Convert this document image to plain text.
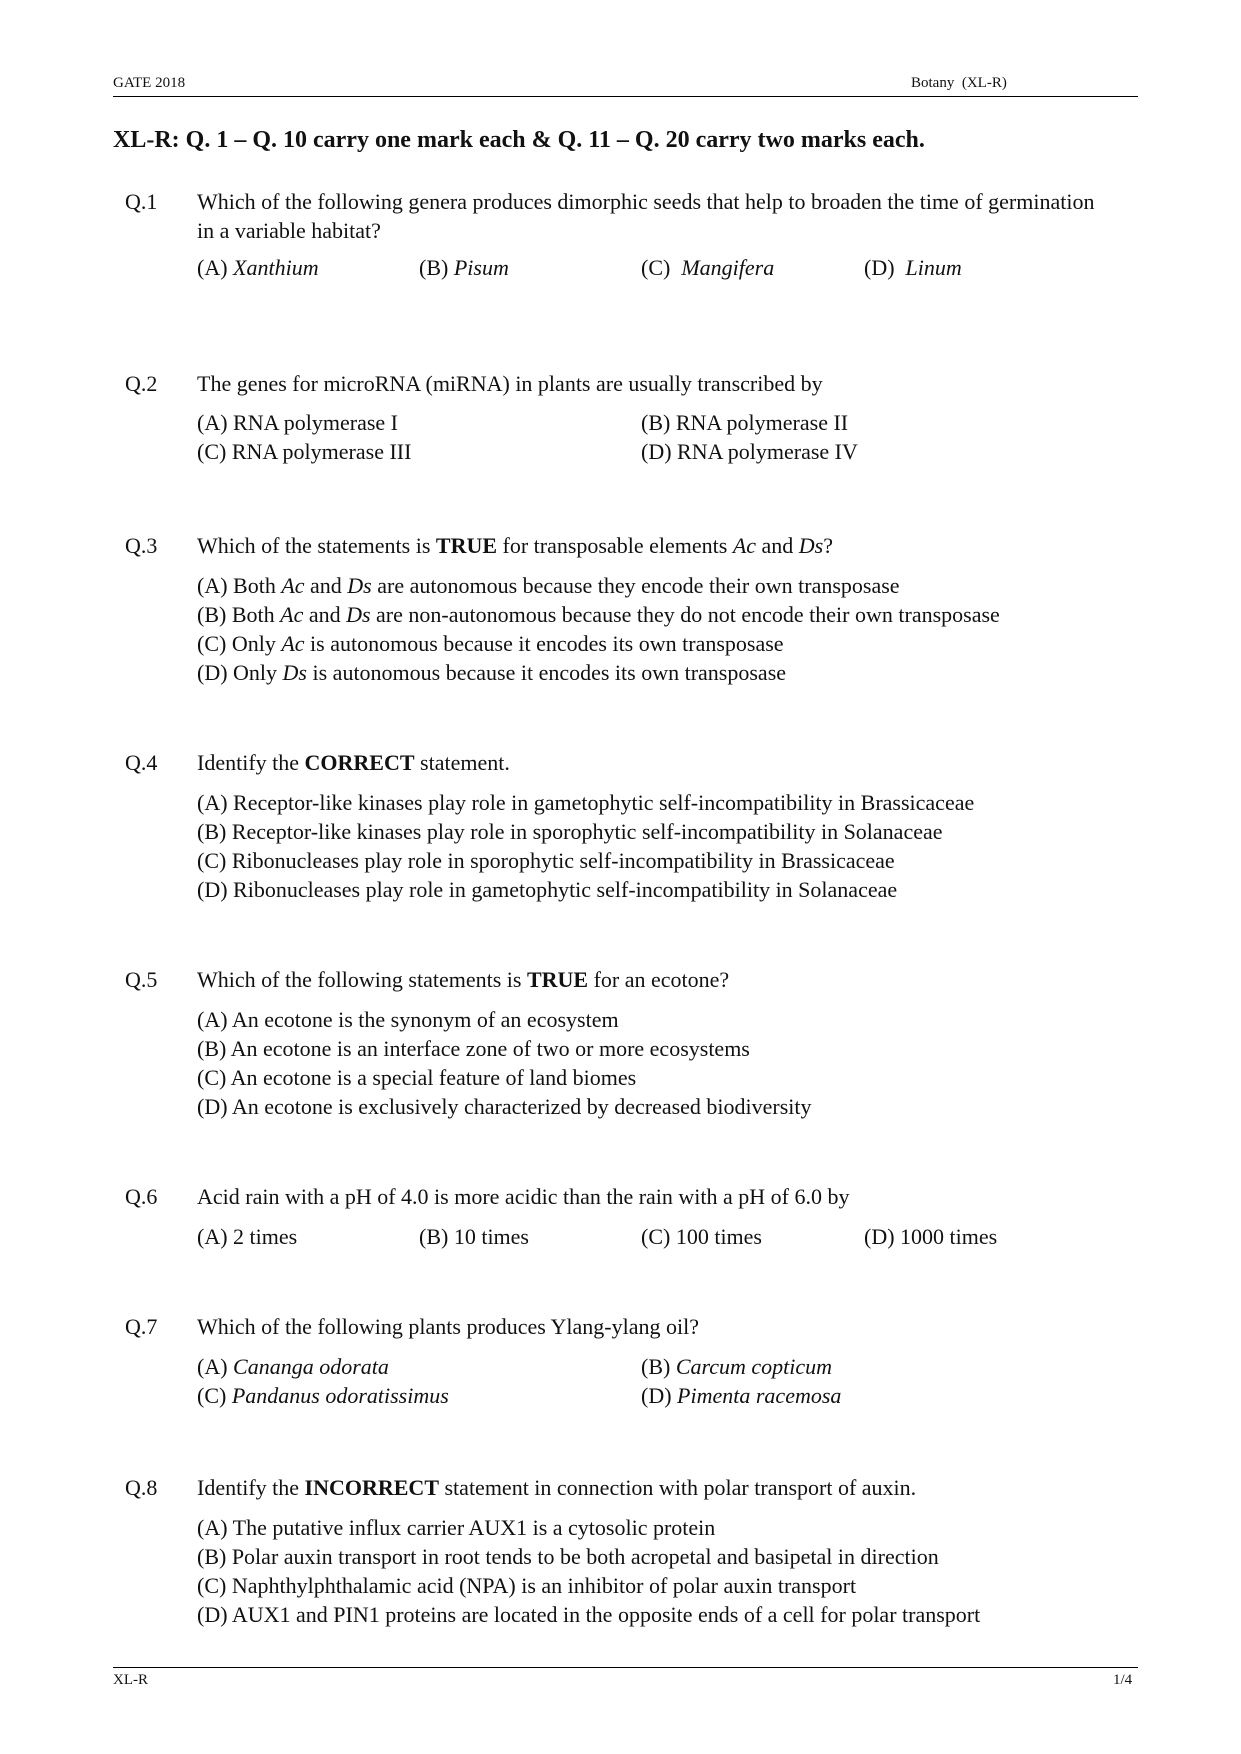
GATE 2018	Botany  (XL-R)
XL-R: Q. 1 – Q. 10 carry one mark each & Q. 11 – Q. 20 carry two marks each.
Q.1 Which of the following genera produces dimorphic seeds that help to broaden the time of germination in a variable habitat?
(A) Xanthium	(B) Pisum	(C)  Mangifera	(D)  Linum
Q.2 The genes for microRNA (miRNA) in plants are usually transcribed by
(A) RNA polymerase I	(B) RNA polymerase II
(C) RNA polymerase III	(D) RNA polymerase IV
Q.3 Which of the statements is TRUE for transposable elements Ac and Ds?
(A) Both Ac and Ds are autonomous because they encode their own transposase
(B) Both Ac and Ds are non-autonomous because they do not encode their own transposase
(C) Only Ac is autonomous because it encodes its own transposase
(D) Only Ds is autonomous because it encodes its own transposase
Q.4 Identify the CORRECT statement.
(A) Receptor-like kinases play role in gametophytic self-incompatibility in Brassicaceae
(B) Receptor-like kinases play role in sporophytic self-incompatibility in Solanaceae
(C) Ribonucleases play role in sporophytic self-incompatibility in Brassicaceae
(D) Ribonucleases play role in gametophytic self-incompatibility in Solanaceae
Q.5 Which of the following statements is TRUE for an ecotone?
(A) An ecotone is the synonym of an ecosystem
(B) An ecotone is an interface zone of two or more ecosystems
(C) An ecotone is a special feature of land biomes
(D) An ecotone is exclusively characterized by decreased biodiversity
Q.6 Acid rain with a pH of 4.0 is more acidic than the rain with a pH of 6.0 by
(A) 2 times	(B) 10 times	(C) 100 times	(D) 1000 times
Q.7 Which of the following plants produces Ylang-ylang oil?
(A) Cananga odorata	(B) Carcum copticum
(C) Pandanus odoratissimus	(D) Pimenta racemosa
Q.8 Identify the INCORRECT statement in connection with polar transport of auxin.
(A) The putative influx carrier AUX1 is a cytosolic protein
(B) Polar auxin transport in root tends to be both acropetal and basipetal in direction
(C) Naphthylphthalamic acid (NPA) is an inhibitor of polar auxin transport
(D) AUX1 and PIN1 proteins are located in the opposite ends of a cell for polar transport
XL-R	1/4
